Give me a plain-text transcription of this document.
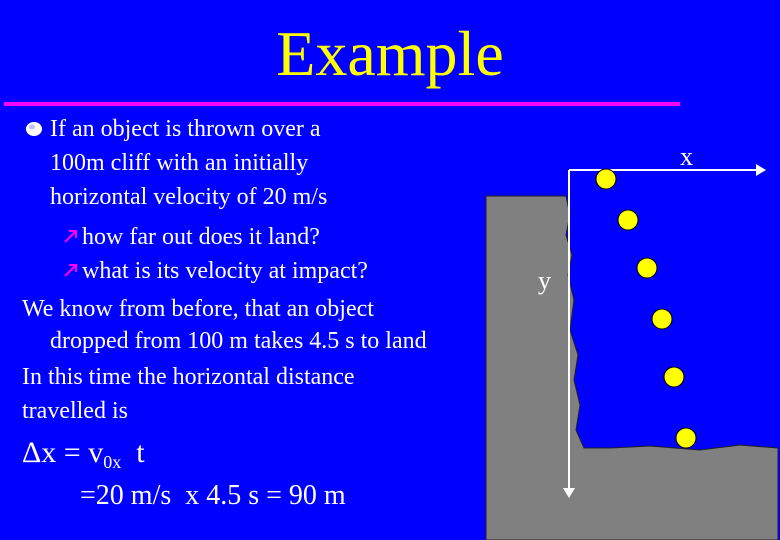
Example
If an object is thrown over a
100m cliff with an initially
horizontal velocity of 20 m/s
how far out does it land?
what is its velocity at impact?
We know from before, that an object
dropped from 100 m takes 4.5 s to land
In this time the horizontal distance
travelled is
$\Delta x = v_{0x}$  t
=20 m/s  x 4.5 s = 90 m
x
y
